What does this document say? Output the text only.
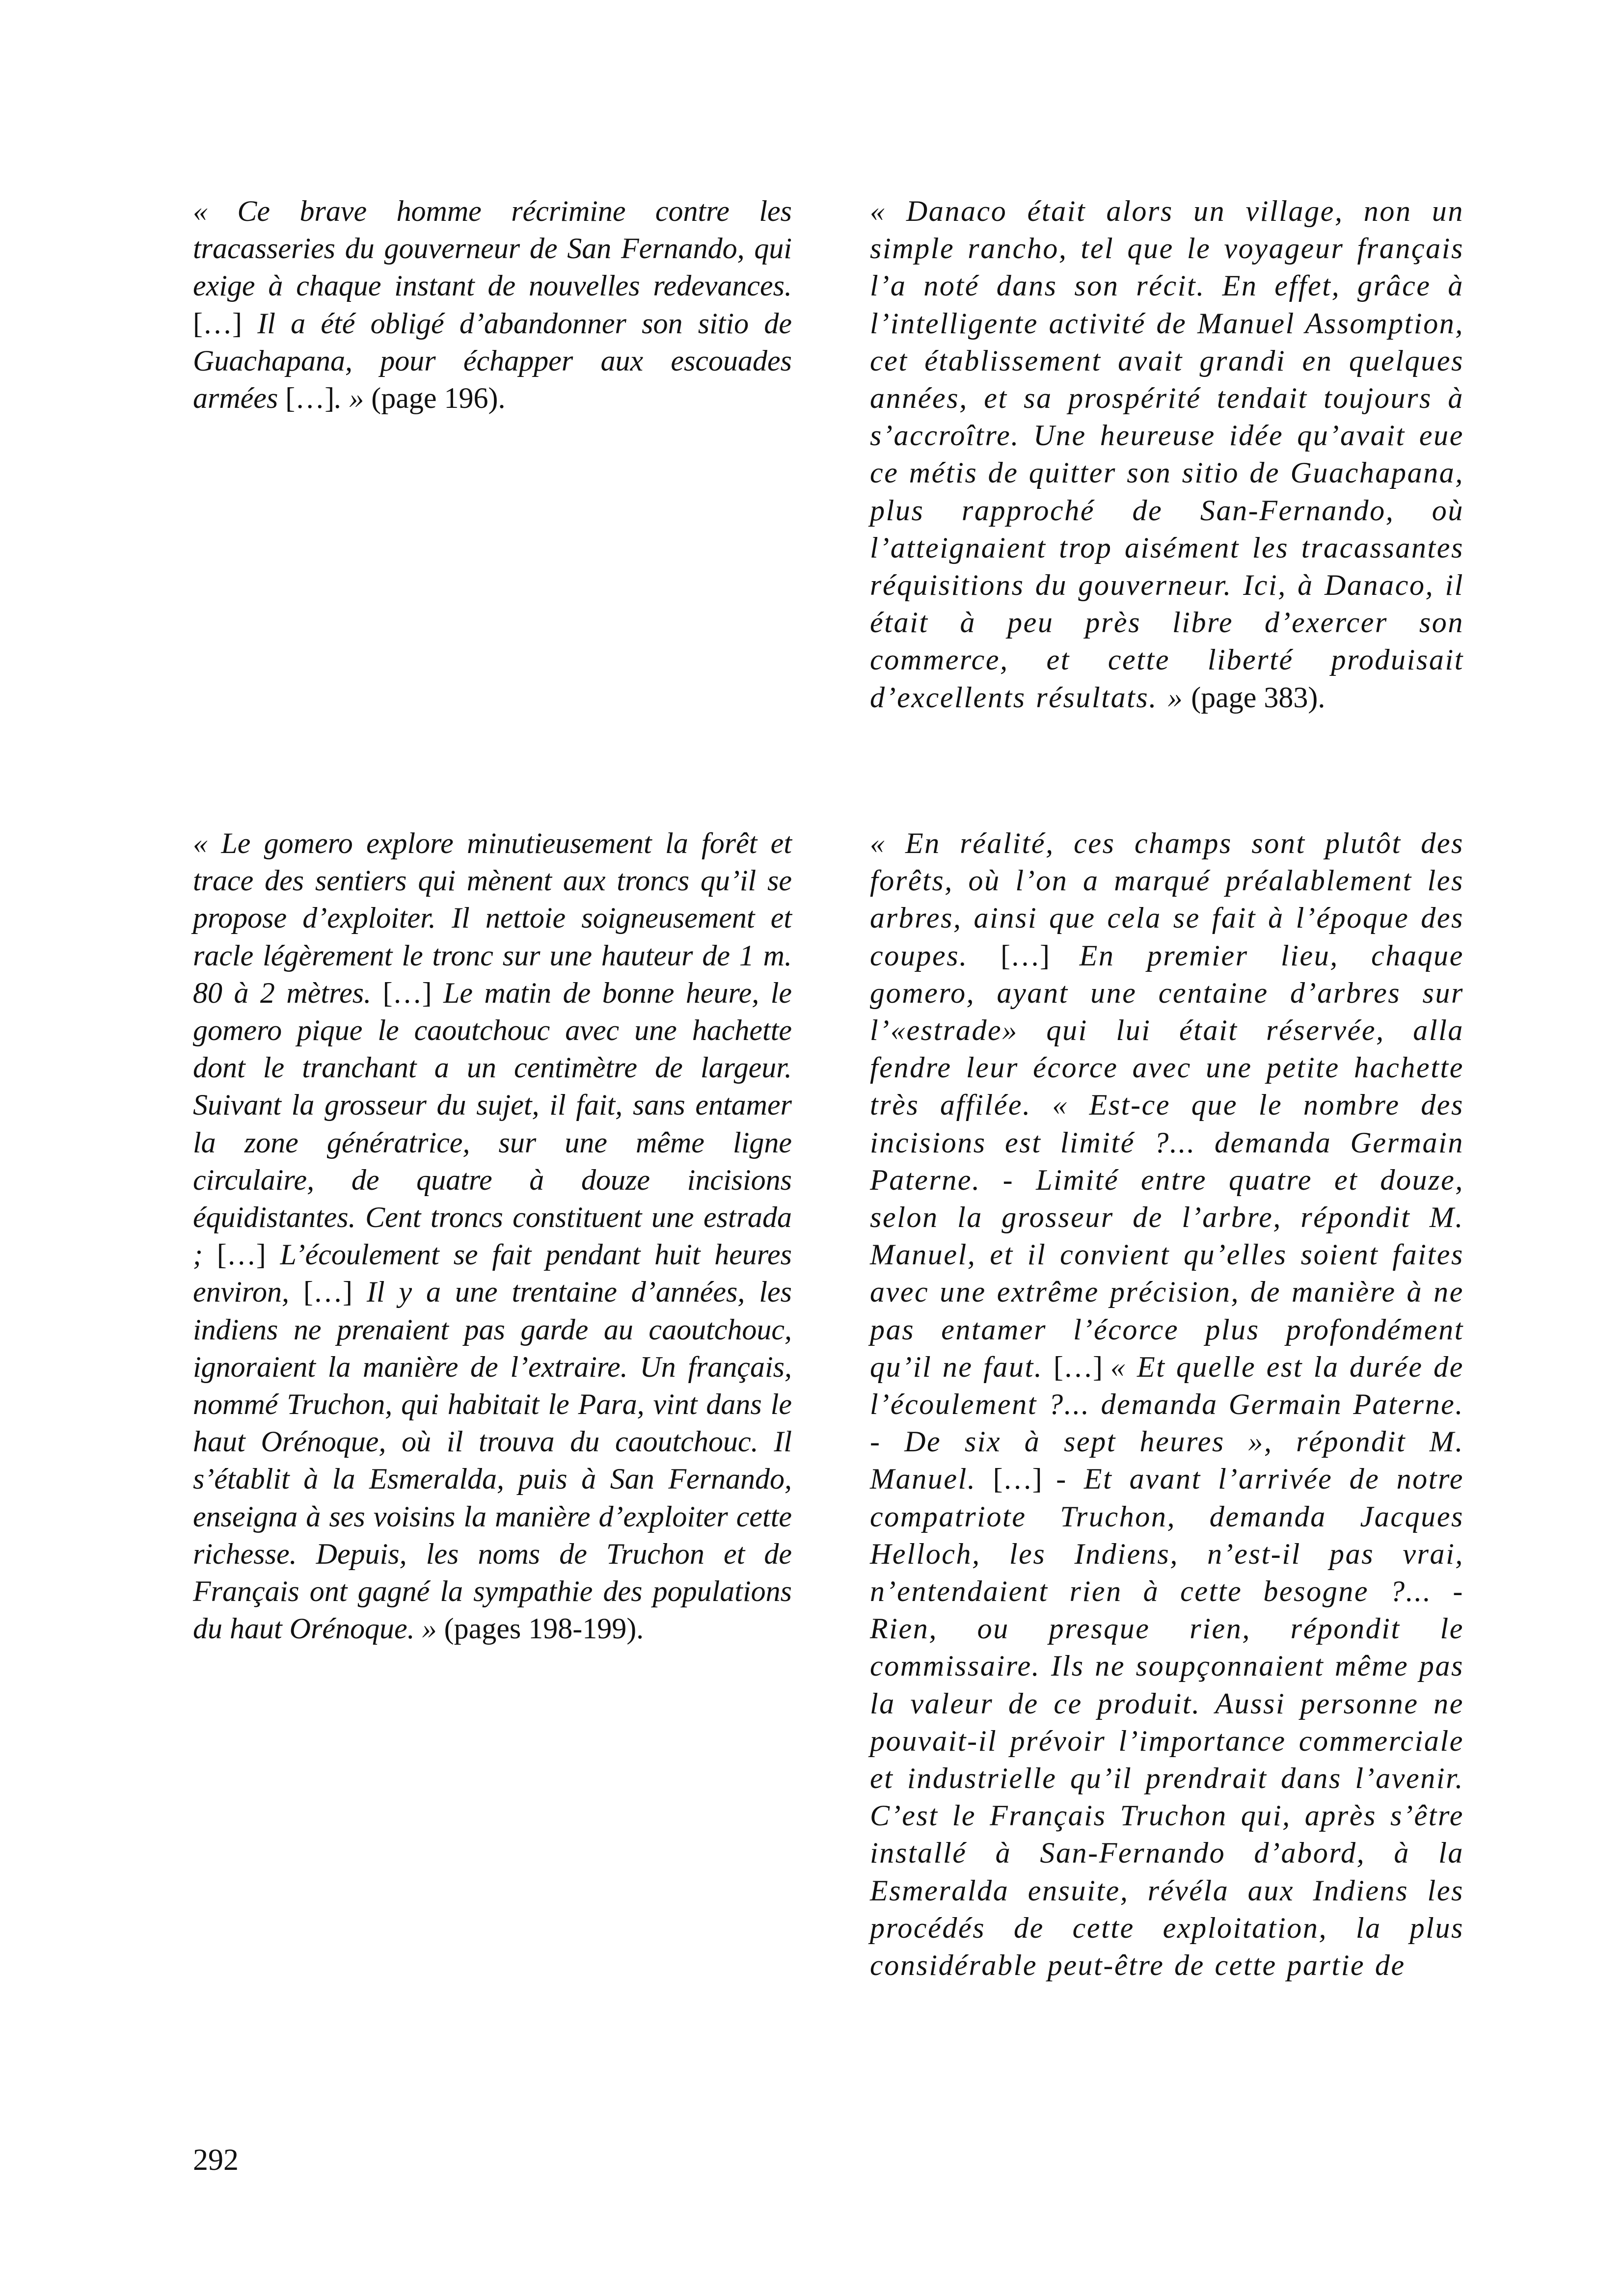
« Ce brave homme récrimine contre les tracasseries du gouverneur de San Fernando, qui exige à chaque instant de nouvelles redevances. […] Il a été obligé d’abandonner son sitio de Guachapana, pour échapper aux escouades armées […]. » (page 196).
« Danaco était alors un village, non un simple rancho, tel que le voyageur français l’a noté dans son récit. En effet, grâce à l’intelligente activité de Manuel Assomption, cet établissement avait grandi en quelques années, et sa prospérité tendait toujours à s’accroître. Une heureuse idée qu’avait eue ce métis de quitter son sitio de Guachapana, plus rapproché de San-Fernando, où l’atteignaient trop aisément les tracassantes réquisitions du gouverneur. Ici, à Danaco, il était à peu près libre d’exercer son commerce, et cette liberté produisait d’excellents résultats. » (page 383).
« Le gomero explore minutieusement la forêt et trace des sentiers qui mènent aux troncs qu’il se propose d’exploiter. Il nettoie soigneusement et racle légèrement le tronc sur une hauteur de 1 m. 80 à 2 mètres. […] Le matin de bonne heure, le gomero pique le caoutchouc avec une hachette dont le tranchant a un centimètre de largeur. Suivant la grosseur du sujet, il fait, sans entamer la zone génératrice, sur une même ligne circulaire, de quatre à douze incisions équidistantes. Cent troncs constituent une estrada ; […] L’écoulement se fait pendant huit heures environ, […] Il y a une trentaine d’années, les indiens ne prenaient pas garde au caoutchouc, ignoraient la manière de l’extraire. Un français, nommé Truchon, qui habitait le Para, vint dans le haut Orénoque, où il trouva du caoutchouc. Il s’établit à la Esmeralda, puis à San Fernando, enseigna à ses voisins la manière d’exploiter cette richesse. Depuis, les noms de Truchon et de Français ont gagné la sympathie des populations du haut Orénoque. » (pages 198-199).
« En réalité, ces champs sont plutôt des forêts, où l’on a marqué préalablement les arbres, ainsi que cela se fait à l’époque des coupes. […] En premier lieu, chaque gomero, ayant une centaine d’arbres sur l’«estrade» qui lui était réservée, alla fendre leur écorce avec une petite hachette très affilée. « Est-ce que le nombre des incisions est limité ?... demanda Germain Paterne. - Limité entre quatre et douze, selon la grosseur de l’arbre, répondit M. Manuel, et il convient qu’elles soient faites avec une extrême précision, de manière à ne pas entamer l’écorce plus profondément qu’il ne faut. […] « Et quelle est la durée de l’écoulement ?... demanda Germain Paterne. - De six à sept heures », répondit M. Manuel. […] - Et avant l’arrivée de notre compatriote Truchon, demanda Jacques Helloch, les Indiens, n’est-il pas vrai, n’entendaient rien à cette besogne ?... - Rien, ou presque rien, répondit le commissaire. Ils ne soupçonnaient même pas la valeur de ce produit. Aussi personne ne pouvait-il prévoir l’importance commerciale et industrielle qu’il prendrait dans l’avenir. C’est le Français Truchon qui, après s’être installé à San-Fernando d’abord, à la Esmeralda ensuite, révéla aux Indiens les procédés de cette exploitation, la plus considérable peut-être de cette partie de
292
